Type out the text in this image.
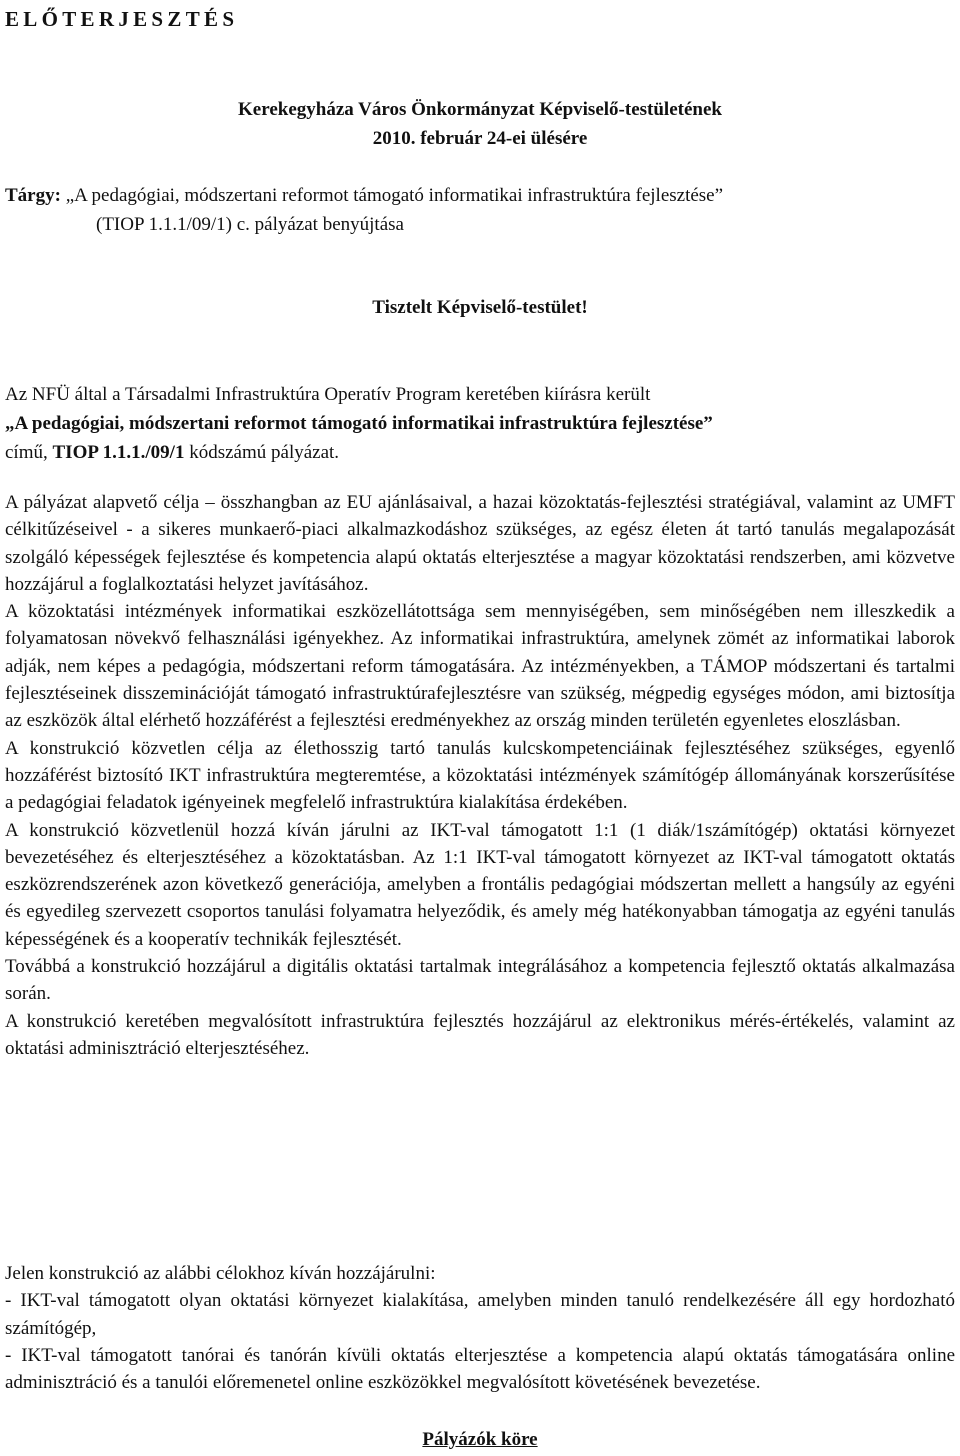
ELŐTERJESZTÉS
Kerekegyháza Város Önkormányzat Képviselő-testületének
2010. február 24-ei ülésére
Tárgy: „A pedagógiai, módszertani reformot támogató informatikai infrastruktúra fejlesztése”
(TIOP 1.1.1/09/1) c. pályázat benyújtása
Tisztelt Képviselő-testület!
Az NFÜ által a Társadalmi Infrastruktúra Operatív Program keretében kiírásra került
„A pedagógiai, módszertani reformot támogató informatikai infrastruktúra fejlesztése”
című, TIOP 1.1.1./09/1 kódszámú pályázat.

A pályázat alapvető célja – összhangban az EU ajánlásaival, a hazai közoktatás-fejlesztési stratégiával, valamint az UMFT célkitűzéseivel - a sikeres munkaerő-piaci alkalmazkodáshoz szükséges, az egész életen át tartó tanulás megalapozását szolgáló képességek fejlesztése és kompetencia alapú oktatás elterjesztése a magyar közoktatási rendszerben, ami közvetve hozzájárul a foglalkoztatási helyzet javításához.

A közoktatási intézmények informatikai eszközellátottsága sem mennyiségében, sem minőségében nem illeszkedik a folyamatosan növekvő felhasználási igényekhez. Az informatikai infrastruktúra, amelynek zömét az informatikai laborok adják, nem képes a pedagógia, módszertani reform támogatására. Az intézményekben, a TÁMOP módszertani és tartalmi fejlesztéseinek disszeminációját támogató infrastruktúrafejlesztésre van szükség, mégpedig egységes módon, ami biztosítja az eszközök által elérhető hozzáférést a fejlesztési eredményekhez az ország minden területén egyenletes eloszlásban.

A konstrukció közvetlen célja az élethosszig tartó tanulás kulcskompetenciáinak fejlesztéséhez szükséges, egyenlő hozzáférést biztosító IKT infrastruktúra megteremtése, a közoktatási intézmények számítógép állományának korszerűsítése a pedagógiai feladatok igényeinek megfelelő infrastruktúra kialakítása érdekében.

A konstrukció közvetlenül hozzá kíván járulni az IKT-val támogatott 1:1 (1 diák/1számítógép) oktatási környezet bevezetéséhez és elterjesztéséhez a közoktatásban. Az 1:1 IKT-val támogatott környezet az IKT-val támogatott oktatás eszközrendszerének azon következő generációja, amelyben a frontális pedagógiai módszertan mellett a hangsúly az egyéni és egyedileg szervezett csoportos tanulási folyamatra helyeződik, és amely még hatékonyabban támogatja az egyéni tanulás képességének és a kooperatív technikák fejlesztését.

Továbbá a konstrukció hozzájárul a digitális oktatási tartalmak integrálásához a kompetencia fejlesztő oktatás alkalmazása során.

A konstrukció keretében megvalósított infrastruktúra fejlesztés hozzájárul az elektronikus mérés-értékelés, valamint az oktatási adminisztráció elterjesztéséhez.

Jelen konstrukció az alábbi célokhoz kíván hozzájárulni:

- IKT-val támogatott olyan oktatási környezet kialakítása, amelyben minden tanuló rendelkezésére áll egy hordozható számítógép,

- IKT-val támogatott tanórai és tanórán kívüli oktatás elterjesztése a kompetencia alapú oktatás támogatására online adminisztráció és a tanulói előremenetel online eszközökkel megvalósított követésének bevezetése.

Pályázók köre
